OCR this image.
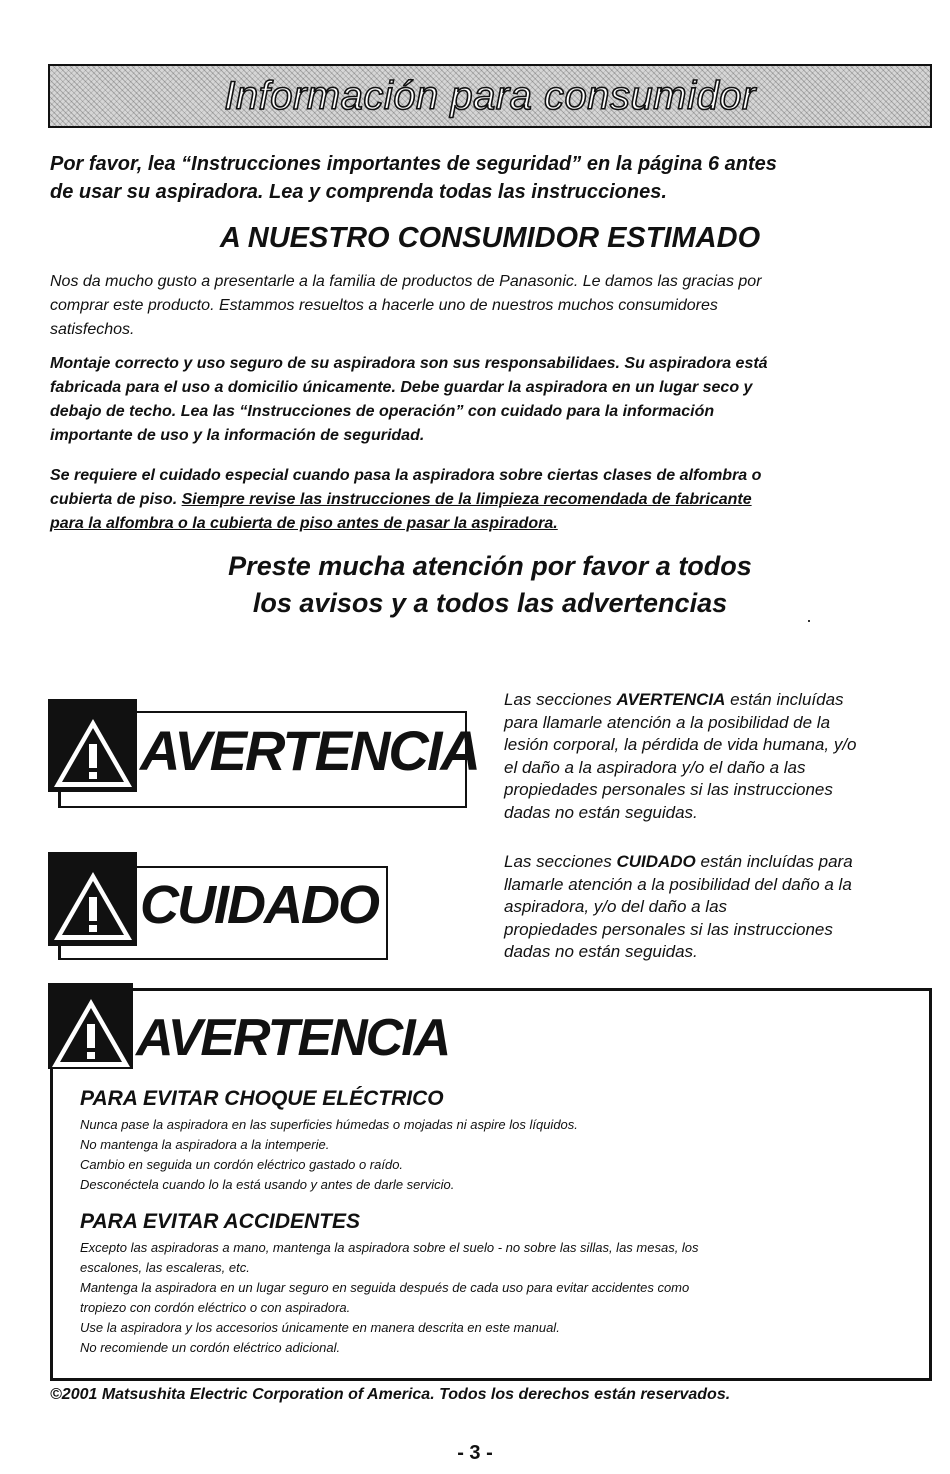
Información para consumidor
Por favor, lea “Instrucciones importantes de seguridad” en la página 6 antes
de usar su aspiradora. Lea y comprenda todas las instrucciones.
A NUESTRO CONSUMIDOR ESTIMADO
Nos da mucho gusto a presentarle a la familia de productos de Panasonic. Le damos las gracias por
comprar este producto. Estammos resueltos a hacerle uno de nuestros muchos consumidores
satisfechos.
Montaje correcto y uso seguro de su aspiradora son sus responsabilidaes. Su aspiradora está
fabricada para el uso a domicilio únicamente. Debe guardar la aspiradora en un lugar seco y
debajo de techo. Lea las “Instrucciones de operación” con cuidado para la información
importante de uso y la información de seguridad.
Se requiere el cuidado especial cuando pasa la aspiradora sobre ciertas clases de alfombra o
cubierta de piso. Siempre revise las instrucciones de la limpieza recomendada de fabricante
para la alfombra o la cubierta de piso antes de pasar la aspiradora.
Preste mucha atención por favor a todos
los avisos y a todos las advertencias
AVERTENCIA
Las secciones AVERTENCIA están incluídas
para llamarle atención a la posibilidad de la
lesión corporal, la pérdida de vida humana, y/o
el daño a la aspiradora y/o el daño a las
propiedades personales si las instrucciones
dadas no están seguidas.
CUIDADO
Las secciones CUIDADO están incluídas para
llamarle atención a la posibilidad del daño a la
aspiradora, y/o del daño a las
propiedades personales si las instrucciones
dadas no están seguidas.
AVERTENCIA
PARA EVITAR CHOQUE ELÉCTRICO
Nunca pase la aspiradora en las superficies húmedas o mojadas ni aspire los líquidos.
No mantenga la aspiradora a la intemperie.
Cambio en seguida un cordón eléctrico gastado o raído.
Desconéctela cuando lo la está usando y antes de darle servicio.
PARA EVITAR ACCIDENTES
Excepto las aspiradoras a mano, mantenga la aspiradora sobre el suelo - no sobre las sillas, las mesas, los
escalones, las escaleras, etc.
Mantenga la aspiradora en un lugar seguro en seguida después de cada uso para evitar accidentes como
tropiezo con cordón eléctrico o con aspiradora.
Use la aspiradora y los accesorios únicamente en manera descrita en este manual.
No recomiende un cordón eléctrico adicional.
©2001 Matsushita Electric Corporation of America. Todos los derechos están reservados.
- 3 -
